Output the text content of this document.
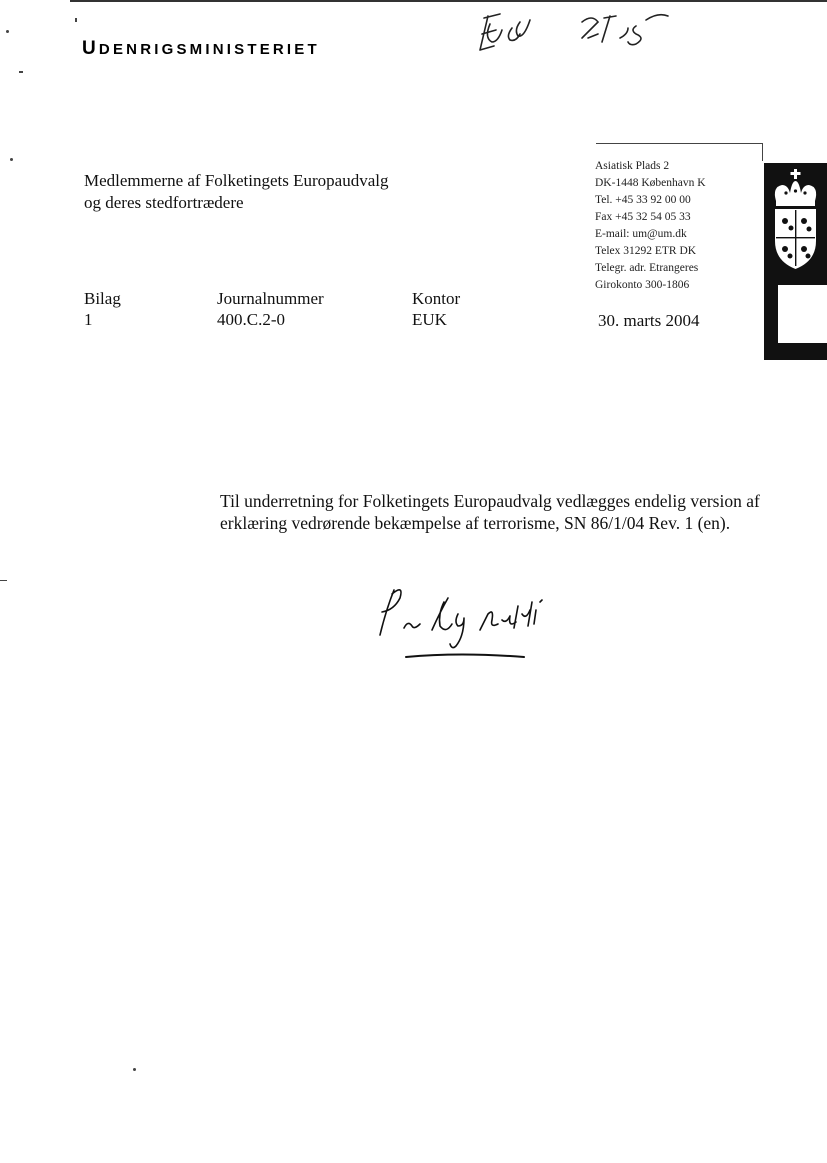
UDENRIGSMINISTERIET
Medlemmerne af Folketingets Europaudvalg
og deres stedfortrædere
Asiatisk Plads 2
DK-1448 København K
Tel. +45 33 92 00 00
Fax +45 32 54 05 33
E-mail: um@um.dk
Telex 31292 ETR DK
Telegr. adr. Etrangeres
Girokonto 300-1806
Bilag
1
Journalnummer
400.C.2-0
Kontor
EUK	30. marts 2004
Til underretning for Folketingets Europaudvalg vedlægges endelig version af
erklæring vedrørende bekæmpelse af terrorisme, SN 86/1/04 Rev. 1 (en).
